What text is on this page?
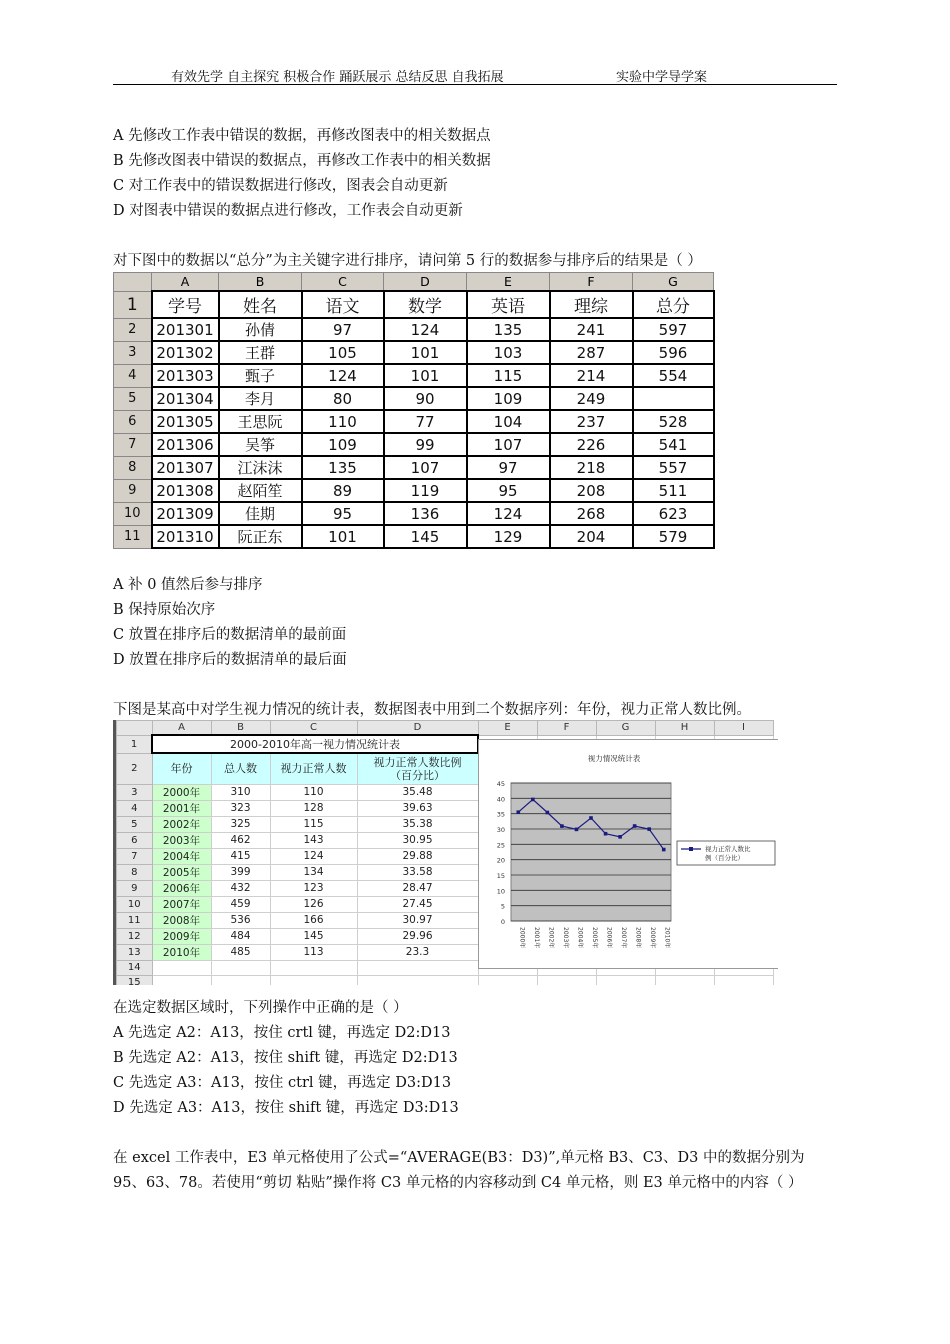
有效先学 自主探究 积极合作 踊跃展示 总结反思 自我拓展	实验中学导学案
A 先修改工作表中错误的数据，再修改图表中的相关数据点
B 先修改图表中错误的数据点，再修改工作表中的相关数据
C 对工作表中的错误数据进行修改，图表会自动更新
D 对图表中错误的数据点进行修改，工作表会自动更新
对下图中的数据以“总分”为主关键字进行排序，请问第 5 行的数据参与排序后的结果是（ ）
	A	B	C	D	E	F	G
1	学号	姓名	语文	数学	英语	理综	总分
2	201301	孙倩	97	124	135	241	597
3	201302	王群	105	101	103	287	596
4	201303	甄子	124	101	115	214	554
5	201304	李月	80	90	109	249	
6	201305	王思阮	110	77	104	237	528
7	201306	吴筝	109	99	107	226	541
8	201307	江沫沫	135	107	97	218	557
9	201308	赵陌笙	89	119	95	208	511
10	201309	佳期	95	136	124	268	623
11	201310	阮正东	101	145	129	204	579
A 补 0 值然后参与排序
B 保持原始次序
C 放置在排序后的数据清单的最前面
D 放置在排序后的数据清单的最后面
下图是某高中对学生视力情况的统计表，数据图表中用到二个数据序列：年份，视力正常人数比例。
	A	B	C	D	E	F	G	H	I
1	2000-2010年高一视力情况统计表								
2	年份	总人数	视力正常人数	视力正常人数比例
（百分比）					
3	2000年	310	110	35.48					
4	2001年	323	128	39.63					
5	2002年	325	115	35.38					
6	2003年	462	143	30.95					
7	2004年	415	124	29.88					
8	2005年	399	134	33.58					
9	2006年	432	123	28.47					
10	2007年	459	126	27.45					
11	2008年	536	166	30.97					
12	2009年	484	145	29.96					
13	2010年	485	113	23.3					
14									
15									
视力情况统计表
0
5
10
15
20
25
30
35
40
45
2000年 2001年 2002年 2003年 2004年 2005年 2006年 2007年 2008年 2009年 2010年
视力正常人数比
例（百分比）
在选定数据区域时，下列操作中正确的是（ ）
A 先选定 A2：A13，按住 crtl 键，再选定 D2:D13
B 先选定 A2：A13，按住 shift 键，再选定 D2:D13
C 先选定 A3：A13，按住 ctrl 键，再选定 D3:D13
D 先选定 A3：A13，按住 shift 键，再选定 D3:D13
在 excel 工作表中，E3 单元格使用了公式=“AVERAGE(B3：D3)”,单元格 B3、C3、D3 中的数据分别为 95、63、78。若使用“剪切 粘贴”操作将 C3 单元格的内容移动到 C4 单元格，则 E3 单元格中的内容（ ）
